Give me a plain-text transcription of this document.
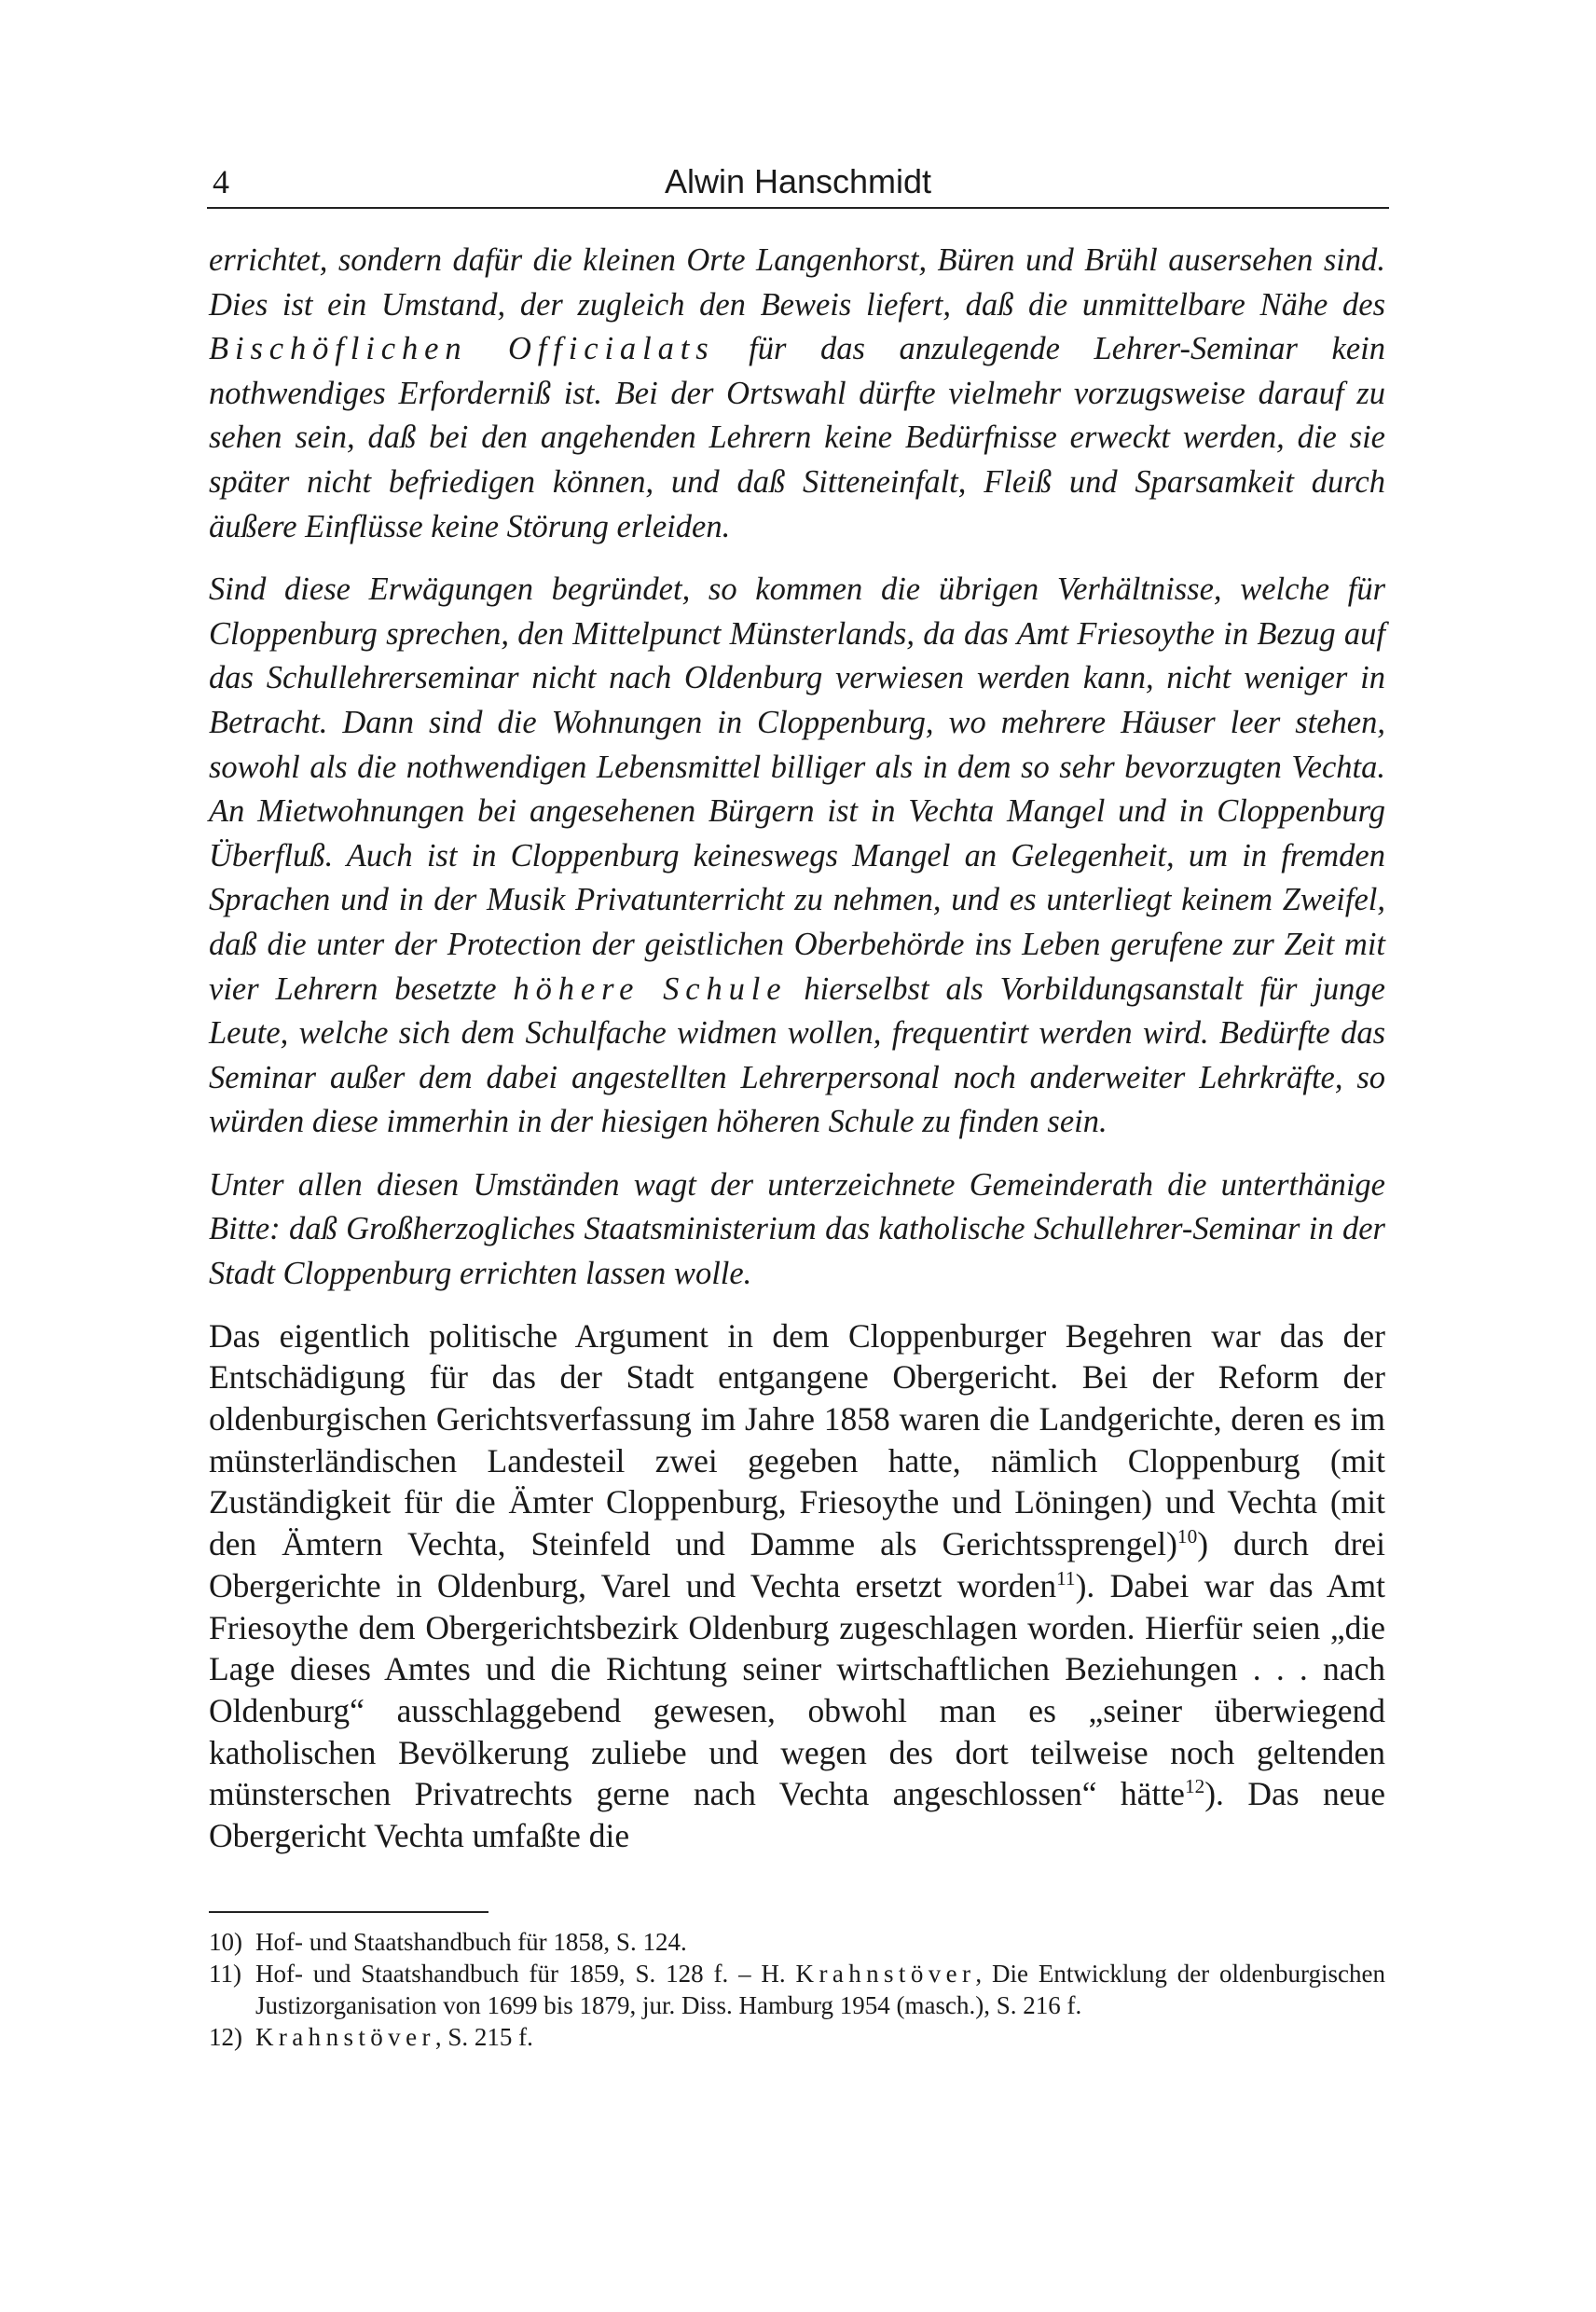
4	Alwin Hanschmidt

errichtet, sondern dafür die kleinen Orte Langenhorst, Büren und Brühl ausersehen sind. Dies ist ein Umstand, der zugleich den Beweis liefert, daß die unmittelbare Nähe des Bischöflichen Officialats für das anzulegende Lehrer-Seminar kein nothwendiges Erforderniß ist. Bei der Ortswahl dürfte vielmehr vorzugsweise darauf zu sehen sein, daß bei den angehenden Lehrern keine Bedürfnisse erweckt werden, die sie später nicht befriedigen können, und daß Sitteneinfalt, Fleiß und Sparsamkeit durch äußere Einflüsse keine Störung erleiden.

Sind diese Erwägungen begründet, so kommen die übrigen Verhältnisse, welche für Cloppenburg sprechen, den Mittelpunct Münsterlands, da das Amt Friesoythe in Bezug auf das Schullehrerseminar nicht nach Oldenburg verwiesen werden kann, nicht weniger in Betracht. Dann sind die Wohnungen in Cloppenburg, wo mehrere Häuser leer stehen, sowohl als die nothwendigen Lebensmittel billiger als in dem so sehr bevorzugten Vechta. An Mietwohnungen bei angesehenen Bürgern ist in Vechta Mangel und in Cloppenburg Überfluß. Auch ist in Cloppenburg keineswegs Mangel an Gelegenheit, um in fremden Sprachen und in der Musik Privatunterricht zu nehmen, und es unterliegt keinem Zweifel, daß die unter der Protection der geistlichen Oberbehörde ins Leben gerufene zur Zeit mit vier Lehrern besetzte höhere Schule hierselbst als Vorbildungsanstalt für junge Leute, welche sich dem Schulfache widmen wollen, frequentirt werden wird. Bedürfte das Seminar außer dem dabei angestellten Lehrerpersonal noch anderweiter Lehrkräfte, so würden diese immerhin in der hiesigen höheren Schule zu finden sein.

Unter allen diesen Umständen wagt der unterzeichnete Gemeinderath die unterthänige Bitte: daß Großherzogliches Staatsministerium das katholische Schullehrer-Seminar in der Stadt Cloppenburg errichten lassen wolle.

Das eigentlich politische Argument in dem Cloppenburger Begehren war das der Entschädigung für das der Stadt entgangene Obergericht. Bei der Reform der oldenburgischen Gerichtsverfassung im Jahre 1858 waren die Landgerichte, deren es im münsterländischen Landesteil zwei gegeben hatte, nämlich Cloppenburg (mit Zuständigkeit für die Ämter Cloppenburg, Friesoythe und Löningen) und Vechta (mit den Ämtern Vechta, Steinfeld und Damme als Gerichtssprengel)$^{10}$) durch drei Obergerichte in Oldenburg, Varel und Vechta ersetzt worden$^{11}$). Dabei war das Amt Friesoythe dem Obergerichtsbezirk Oldenburg zugeschlagen worden. Hierfür seien „die Lage dieses Amtes und die Richtung seiner wirtschaftlichen Beziehungen . . . nach Oldenburg“ ausschlaggebend gewesen, obwohl man es „seiner überwiegend katholischen Bevölkerung zuliebe und wegen des dort teilweise noch geltenden münsterschen Privatrechts gerne nach Vechta angeschlossen“ hätte$^{12}$). Das neue Obergericht Vechta umfaßte die

10) Hof- und Staatshandbuch für 1858, S. 124.
11) Hof- und Staatshandbuch für 1859, S. 128 f. – H. Krahnstöver, Die Entwicklung der oldenburgischen Justizorganisation von 1699 bis 1879, jur. Diss. Hamburg 1954 (masch.), S. 216 f.
12) Krahnstöver, S. 215 f.
